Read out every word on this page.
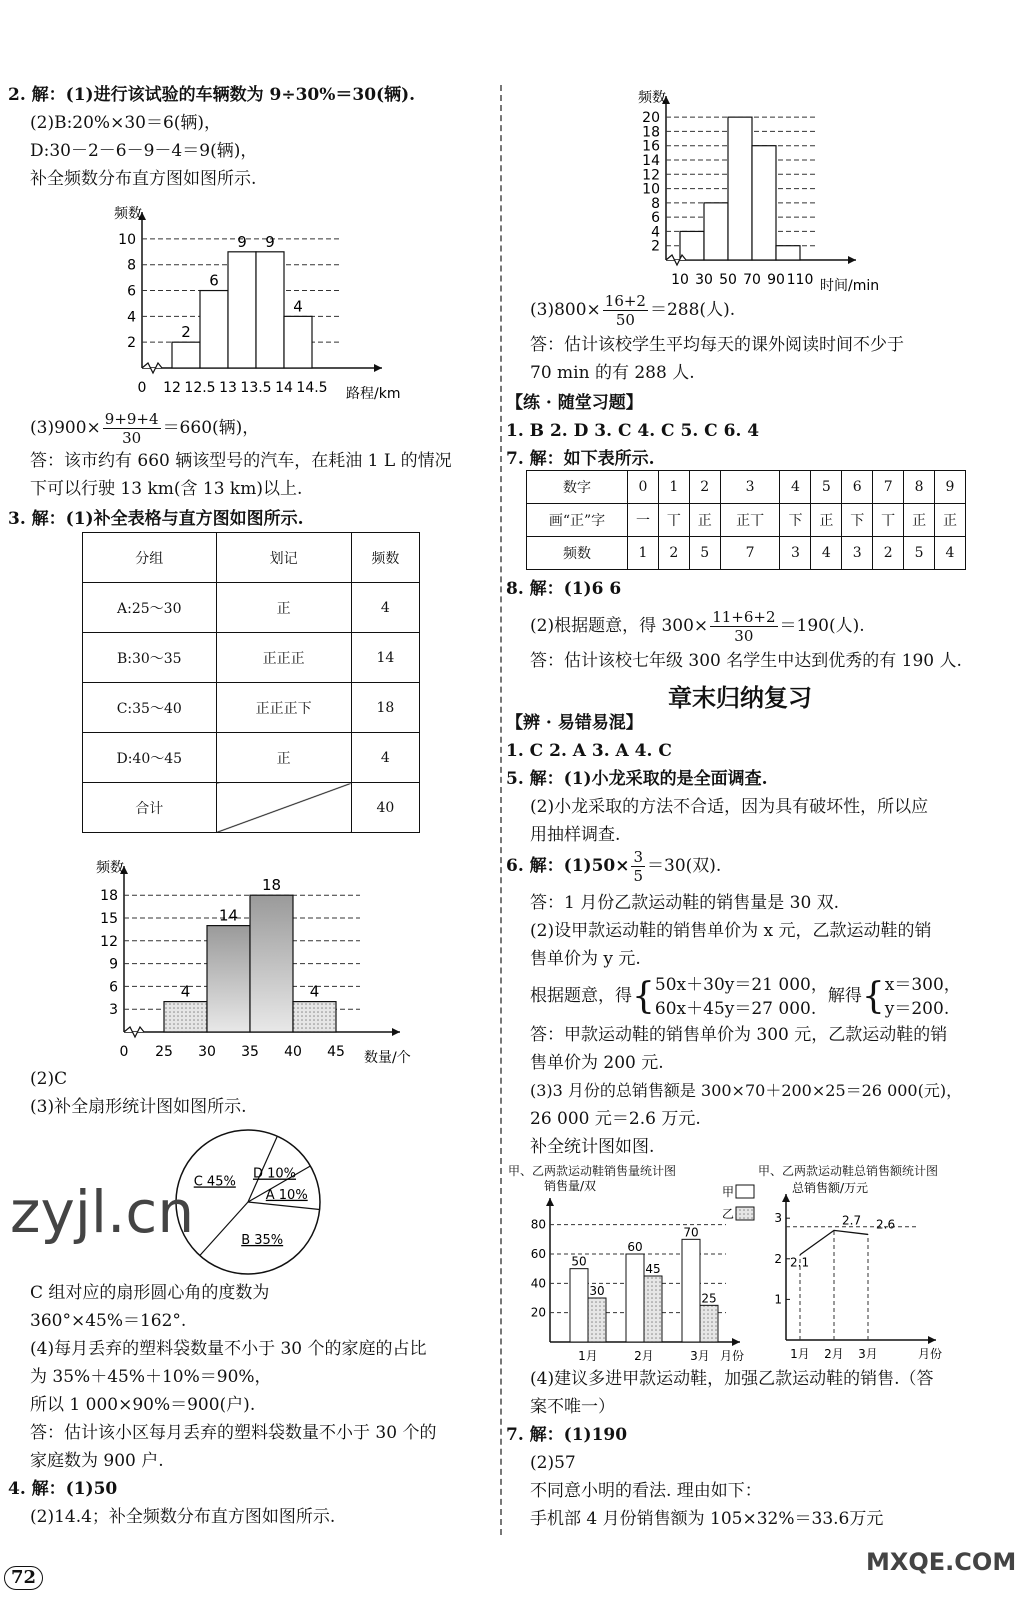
2. 解：(1)进行该试验的车辆数为 9÷30%＝30(辆).
(2)B:20%×30＝6(辆)，
D:30－2－6－9－4＝9(辆)，
补全频数分布直方图如图所示.
频数
路程/km
2
4
6
8
10
2
6
9 9
4
0 12 12.5 13 13.5 14 14.5
$(3)900\times \frac{9+9+4}{30} =660$(辆)，
答：该市约有 660 辆该型号的汽车，在耗油 1 L 的情况
下可以行驶 13 km(含 13 km)以上.
3. 解：(1)补全表格与直方图如图所示.
分组	划记	频数
A:25～30	正	4
B:30～35	正正正	14
C:35～40	正正正下	18
D:40～45	正	4
合计		40
频数
数量/个
3
6
9
12
15
18
4
14
18
4
0 25 30 35 40 45
(2)C
(3)补全扇形统计图如图所示.
A 10%
B 35%
C 45%
D 10%
zyjl.cn
C 组对应的扇形圆心角的度数为
360°×45%＝162°.
(4)每月丢弃的塑料袋数量不小于 30 个的家庭的占比
为 35%＋45%＋10%＝90%，
所以 1 000×90%＝900(户).
答：估计该小区每月丢弃的塑料袋数量不小于 30 个的
家庭数为 900 户.
4. 解：(1)50
(2)14.4；补全频数分布直方图如图所示.
72
频数
时间/min
2
4
6
8
10
12
14
16
18
20
10 30 50 70 90 110
$(3)800\times \frac{16+2}{50} =288$(人).
答：估计该校学生平均每天的课外阅读时间不少于
70 min 的有 288 人.
【练 · 随堂习题】
1. B 2. D 3. C 4. C 5. C 6. 4
7. 解：如下表所示.
数字	0	1	2	3	4	5	6	7	8	9
画“正”字	一	丅	正	正丅	下	正	下	丅	正	正
频数	1	2	5	7	3	4	3	2	5	4
8. 解：(1)6 6
(2)根据题意，得 $300\times \frac{11+6+2}{30} =190$(人).
答：估计该校七年级 300 名学生中达到优秀的有 190 人.
章末归纳复习
【辨 · 易错易混】
1. C 2. A 3. A 4. C
5. 解：(1)小龙采取的是全面调查.
(2)小龙采取的方法不合适，因为具有破坏性，所以应
用抽样调查.
6. 解：$(1)50\times \frac{3}{5} =30$(双).
答：1 月份乙款运动鞋的销售量是 30 双.
(2)设甲款运动鞋的销售单价为 x 元，乙款运动鞋的销
售单价为 y 元.
根据题意，得{ 50x＋30y＝21 000，
60x＋45y＝27 000.
解得{ x＝300，
y＝200.
答：甲款运动鞋的销售单价为 300 元，乙款运动鞋的销
售单价为 200 元.
(3)3 月份的总销售额是 300×70＋200×25＝26 000(元)，
26 000 元＝2.6 万元.
补全统计图如图.
甲、乙两款运动鞋销售量统计图	甲、乙两款运动鞋总销售额统计图
销售量/双
月份
20
40
60
80
50
30
1月
60
45
2月
70
25
3月
甲
乙
总销售额/万元
月份
1
2
3
2.1
1月
2.7
2月
2.6
3月
(4)建议多进甲款运动鞋，加强乙款运动鞋的销售.（答
案不唯一）
7. 解：(1)190
(2)57
不同意小明的看法. 理由如下：
手机部 4 月份销售额为 105×32%＝33.6万元
MXQE.COM
